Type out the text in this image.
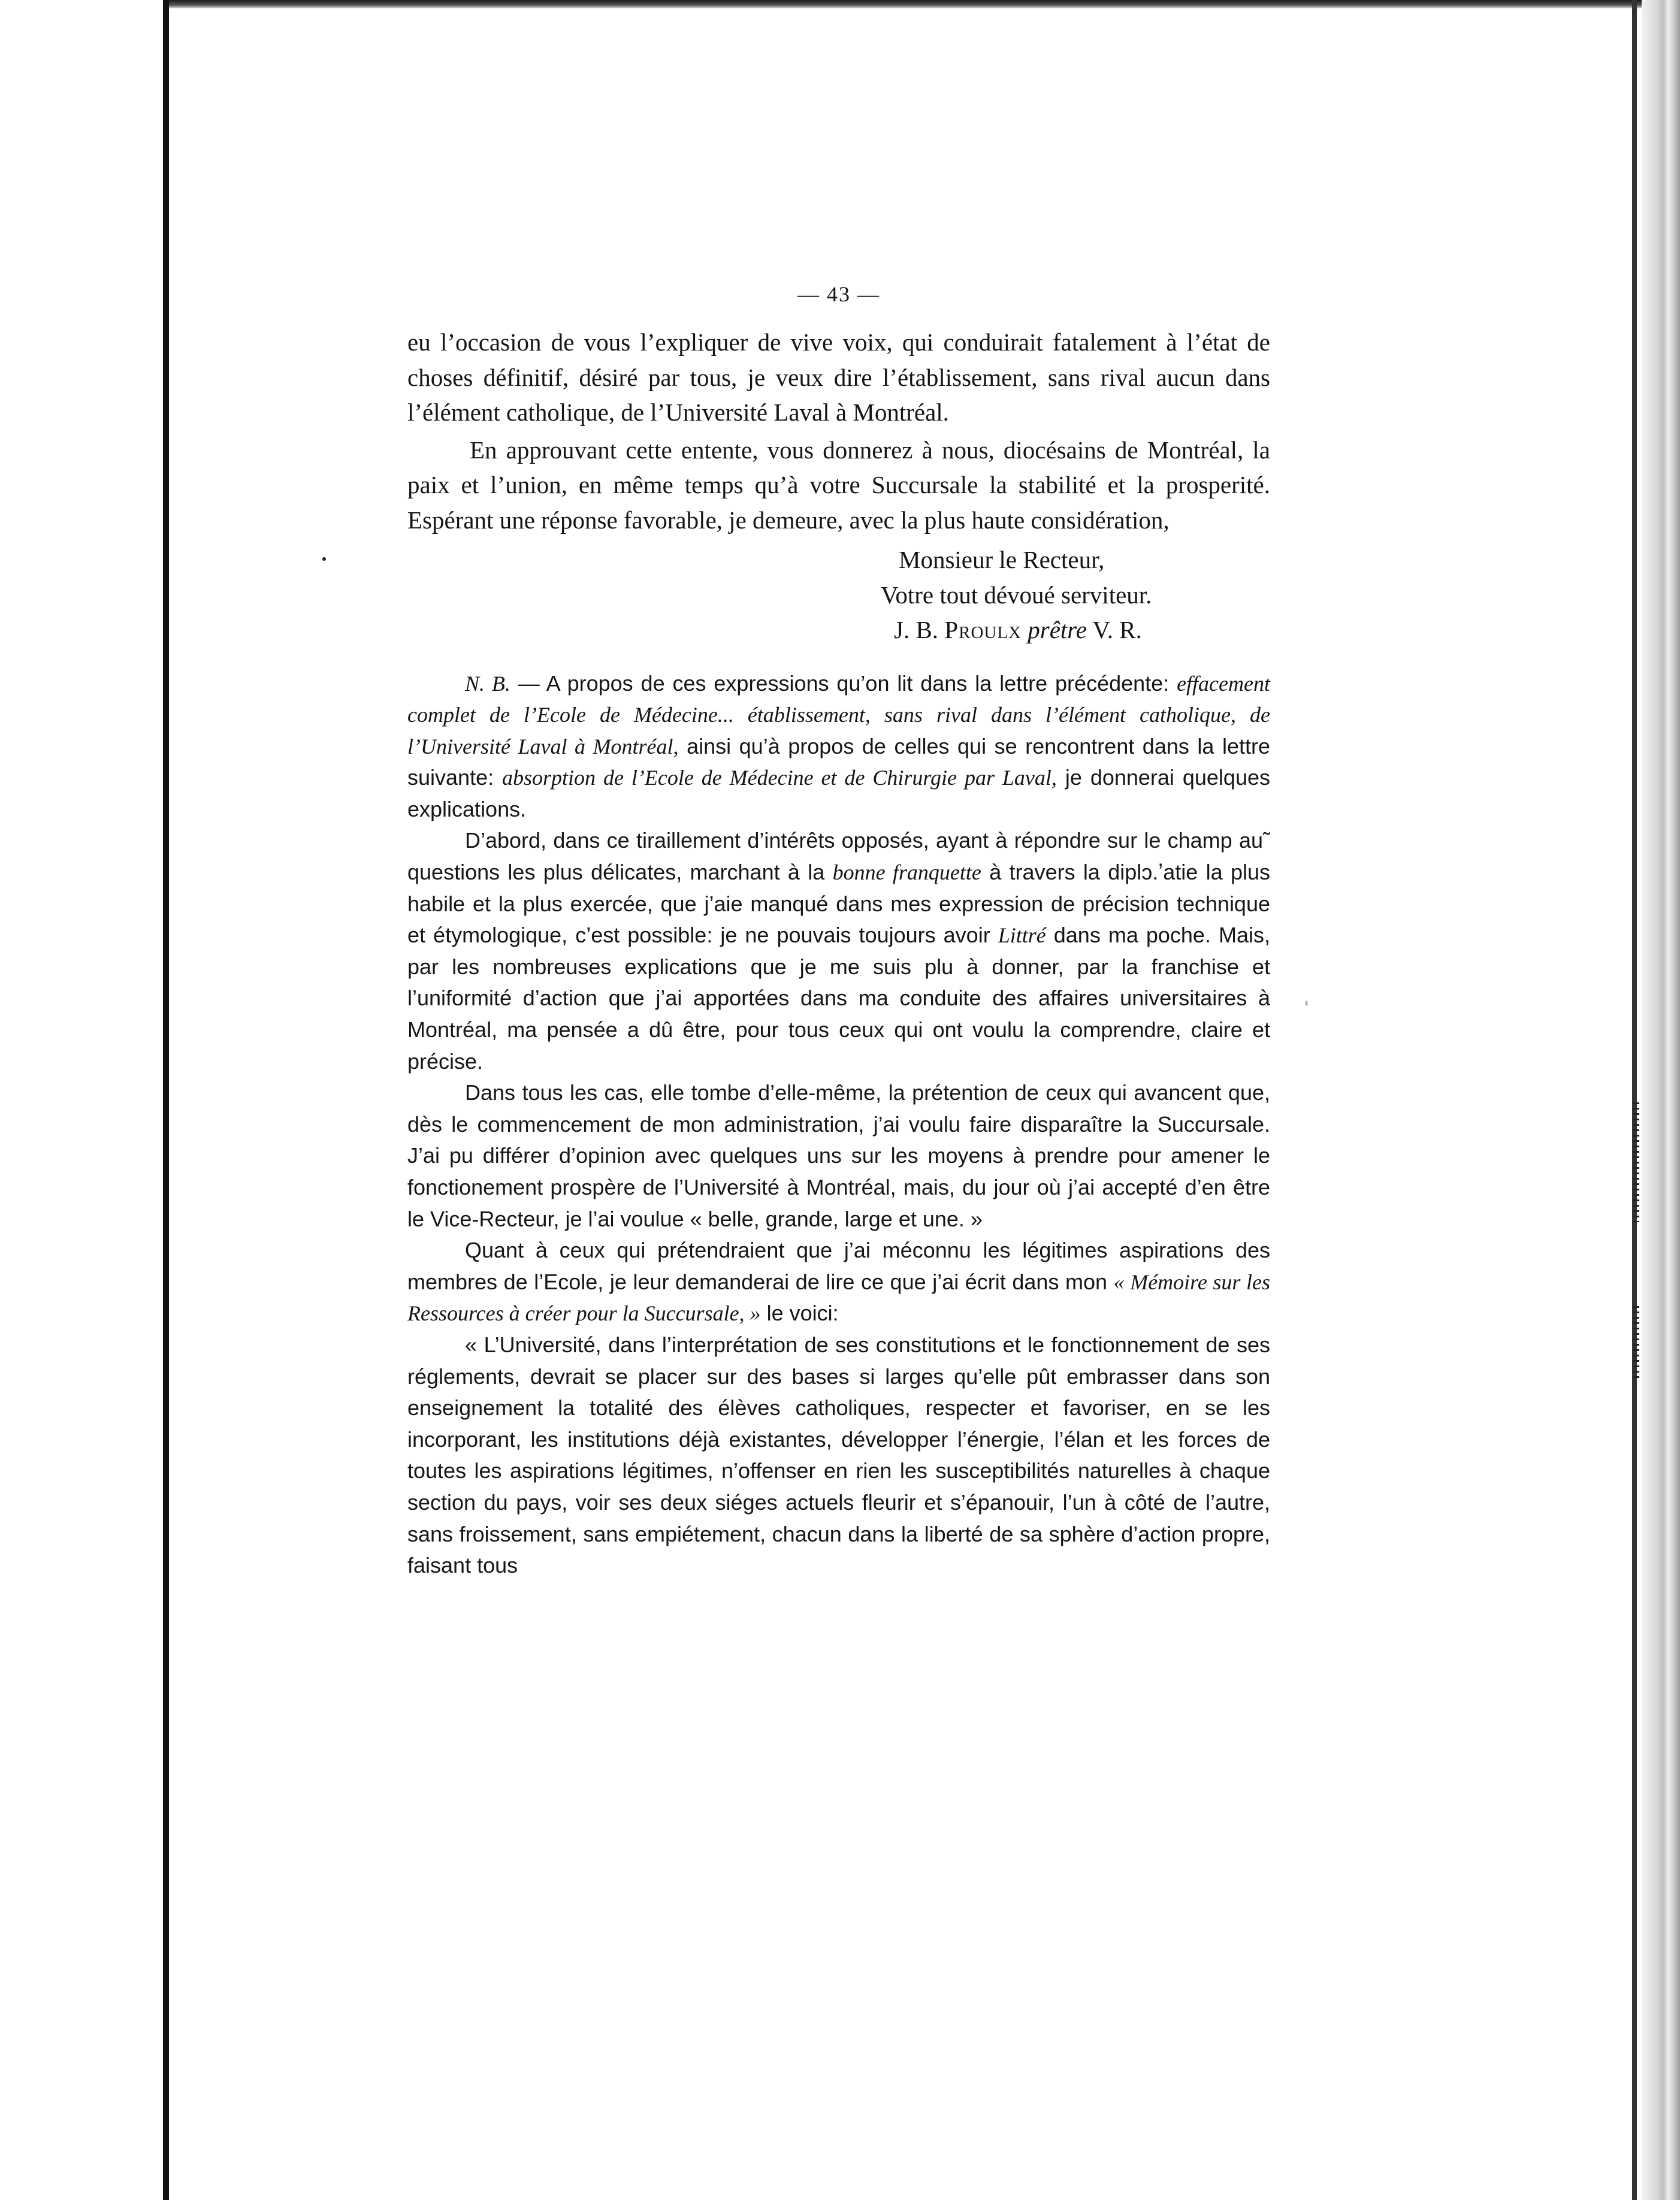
— 43 —

eu l’occasion de vous l’expliquer de vive voix, qui conduirait fatalement à l’état de choses définitif, désiré par tous, je veux dire l’établissement, sans rival aucun dans l’élément catholique, de l’Université Laval à Montréal.

En approuvant cette entente, vous donnerez à nous, diocésains de Montréal, la paix et l’union, en même temps qu’à votre Succursale la stabilité et la prosperité. Espérant une réponse favorable, je demeure, avec la plus haute considération,

Monsieur le Recteur,
Votre tout dévoué serviteur.
J. B. Proulx prêtre V. R.

N. B. — A propos de ces expressions qu’on lit dans la lettre précédente: effacement complet de l’Ecole de Médecine... établissement, sans rival dans l’élément catholique, de l’Université Laval à Montréal, ainsi qu’à propos de celles qui se rencontrent dans la lettre suivante: absorption de l’Ecole de Médecine et de Chirurgie par Laval, je donnerai quelques explications.

D’abord, dans ce tiraillement d’intérêts opposés, ayant à répondre sur le champ au˜ questions les plus délicates, marchant à la bonne franquette à travers la diplɔ.ʼatie la plus habile et la plus exercée, que j’aie manqué dans mes expression de précision technique et étymologique, c’est possible: je ne pouvais toujours avoir Littré dans ma poche. Mais, par les nombreuses explications que je me suis plu à donner, par la franchise et l’uniformité d’action que j’ai apportées dans ma conduite des affaires universitaires à Montréal, ma pensée a dû être, pour tous ceux qui ont voulu la comprendre, claire et précise.

Dans tous les cas, elle tombe d’elle-même, la prétention de ceux qui avancent que, dès le commencement de mon administration, j’ai voulu faire disparaître la Succursale. J’ai pu différer d’opinion avec quelques uns sur les moyens à prendre pour amener le fonctionement prospère de l’Université à Montréal, mais, du jour où j’ai accepté d’en être le Vice-Recteur, je l’ai voulue « belle, grande, large et une. »

Quant à ceux qui prétendraient que j’ai méconnu les légitimes aspirations des membres de l’Ecole, je leur demanderai de lire ce que j’ai écrit dans mon « Mémoire sur les Ressources à créer pour la Succursale, » le voici:

« L’Université, dans l’interprétation de ses constitutions et le fonctionnement de ses réglements, devrait se placer sur des bases si larges qu’elle pût embrasser dans son enseignement la totalité des élèves catholiques, respecter et favoriser, en se les incorporant, les institutions déjà existantes, développer l’énergie, l’élan et les forces de toutes les aspirations légitimes, n’offenser en rien les susceptibilités naturelles à chaque section du pays, voir ses deux siéges actuels fleurir et s’épanouir, l’un à côté de l’autre, sans froissement, sans empiétement, chacun dans la liberté de sa sphère d’action propre, faisant tous
